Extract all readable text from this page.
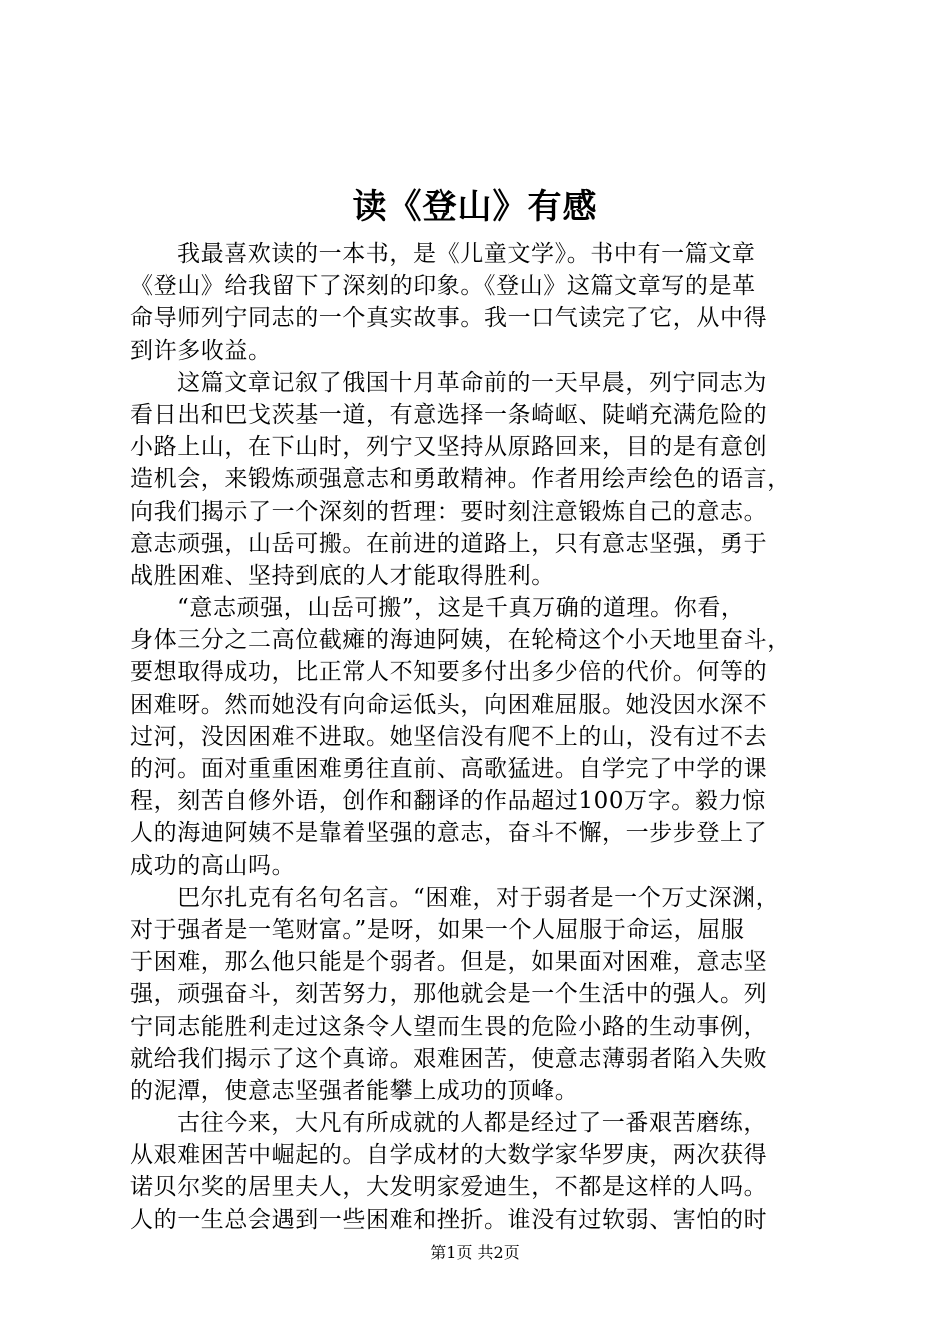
读《登山》有感
我最喜欢读的一本书，是《儿童文学》。书中有一篇文章
《登山》给我留下了深刻的印象。《登山》这篇文章写的是革
命导师列宁同志的一个真实故事。我一口气读完了它，从中得
到许多收益。
这篇文章记叙了俄国十月革命前的一天早晨，列宁同志为
看日出和巴戈茨基一道，有意选择一条崎岖、陡峭充满危险的
小路上山，在下山时，列宁又坚持从原路回来，目的是有意创
造机会，来锻炼顽强意志和勇敢精神。作者用绘声绘色的语言，
向我们揭示了一个深刻的哲理：要时刻注意锻炼自己的意志。
意志顽强，山岳可搬。在前进的道路上，只有意志坚强，勇于
战胜困难、坚持到底的人才能取得胜利。
“意志顽强，山岳可搬”，这是千真万确的道理。你看，
身体三分之二高位截瘫的海迪阿姨，在轮椅这个小天地里奋斗，
要想取得成功，比正常人不知要多付出多少倍的代价。何等的
困难呀。然而她没有向命运低头，向困难屈服。她没因水深不
过河，没因困难不进取。她坚信没有爬不上的山，没有过不去
的河。面对重重困难勇往直前、高歌猛进。自学完了中学的课
程，刻苦自修外语，创作和翻译的作品超过100万字。毅力惊
人的海迪阿姨不是靠着坚强的意志，奋斗不懈，一步步登上了
成功的高山吗。
巴尔扎克有名句名言。“困难，对于弱者是一个万丈深渊，
对于强者是一笔财富。”是呀，如果一个人屈服于命运，屈服
于困难，那么他只能是个弱者。但是，如果面对困难，意志坚
强，顽强奋斗，刻苦努力，那他就会是一个生活中的强人。列
宁同志能胜利走过这条令人望而生畏的危险小路的生动事例，
就给我们揭示了这个真谛。艰难困苦，使意志薄弱者陷入失败
的泥潭，使意志坚强者能攀上成功的顶峰。
古往今来，大凡有所成就的人都是经过了一番艰苦磨练，
从艰难困苦中崛起的。自学成材的大数学家华罗庚，两次获得
诺贝尔奖的居里夫人，大发明家爱迪生，不都是这样的人吗。
人的一生总会遇到一些困难和挫折。谁没有过软弱、害怕的时
第1页 共2页
